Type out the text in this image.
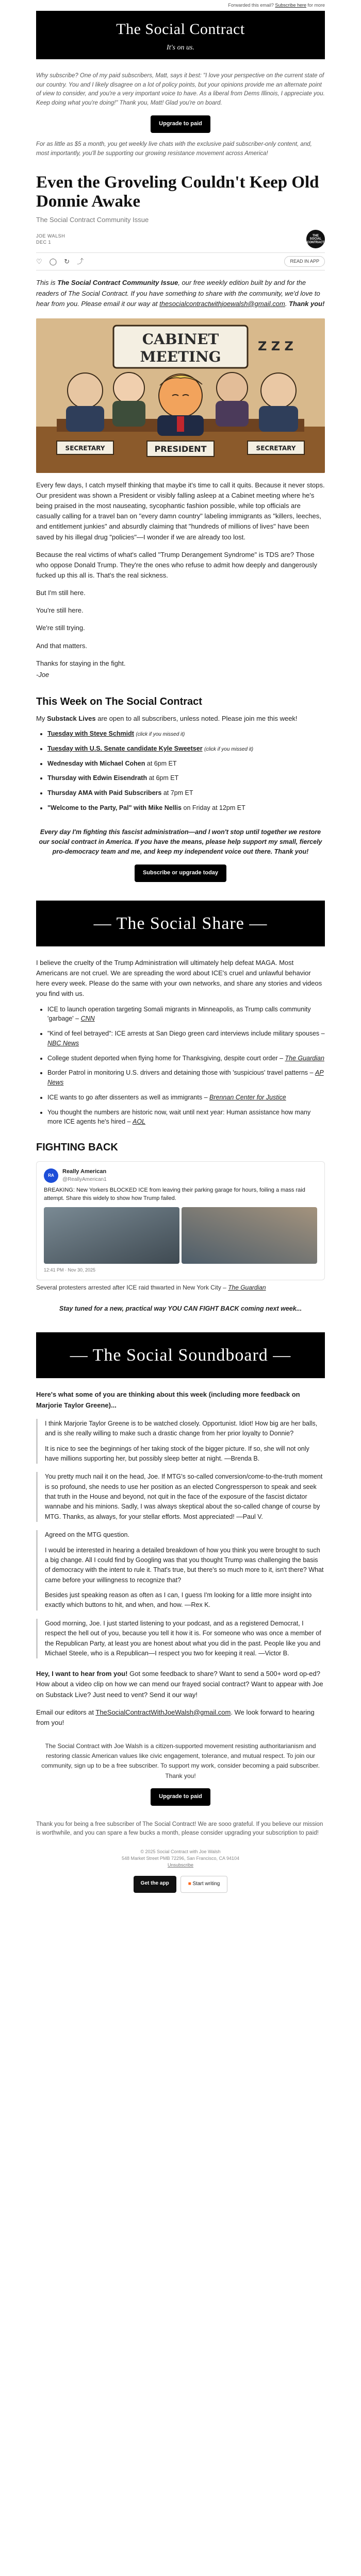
Forwarded this email? Subscribe here for more
The Social Contract
It's on us.

Why subscribe? One of my paid subscribers, Matt, says it best: "I love your perspective on the current state of our country. You and I likely disagree on a lot of policy points, but your opinions provide me an alternate point of view to consider, and you're a very important voice to have. As a liberal from Dems Illinois, I appreciate you. Keep doing what you're doing!" Thank you, Matt! Glad you're on board.

Upgrade to paid

For as little as $5 a month, you get weekly live chats with the exclusive paid subscriber-only content, and, most importantly, you'll be supporting our growing resistance movement across America!

Even the Groveling Couldn't Keep Old Donnie Awake
The Social Contract Community Issue
JOE WALSH
DEC 1
THE SOCIAL CONTRACT
♡ ◯ ↻ ⤴	READ IN APP

This is The Social Contract Community Issue, our free weekly edition built by and for the readers of The Social Contract. If you have something to share with the community, we'd love to hear from you. Please email it our way at thesocialcontractwithjoewalsh@gmail.com. Thank you!

CABINET
MEETING
Z Z Z
SECRETARY	PRESIDENT	SECRETARY

Every few days, I catch myself thinking that maybe it's time to call it quits. Because it never stops. Our president was shown a President or visibly falling asleep at a Cabinet meeting where he's being praised in the most nauseating, sycophantic fashion possible, while top officials are casually calling for a travel ban on "every damn country" labeling immigrants as "killers, leeches, and entitlement junkies" and absurdly claiming that "hundreds of millions of lives" have been saved by his illegal drug "policies"—I wonder if we are already too lost.

Because the real victims of what's called "Trump Derangement Syndrome" is TDS are? Those who oppose Donald Trump. They're the ones who refuse to admit how deeply and dangerously fucked up this all is. That's the real sickness.

But I'm still here.

You're still here.

We're still trying.

And that matters.

Thanks for staying in the fight.

-Joe

This Week on The Social Contract

My Substack Lives are open to all subscribers, unless noted. Please join me this week!

• Tuesday with Steve Schmidt (click if you missed it)
• Tuesday with U.S. Senate candidate Kyle Sweetser (click if you missed it)
• Wednesday with Michael Cohen at 6pm ET
• Thursday with Edwin Eisendrath at 6pm ET
• Thursday AMA with Paid Subscribers at 7pm ET
• "Welcome to the Party, Pal" with Mike Nellis on Friday at 12pm ET

Every day I'm fighting this fascist administration—and I won't stop until together we restore our social contract in America. If you have the means, please help support my small, fiercely pro-democracy team and me, and keep my independent voice out there. Thank you!

Subscribe or upgrade today
— The Social Share —

I believe the cruelty of the Trump Administration will ultimately help defeat MAGA. Most Americans are not cruel. We are spreading the word about ICE's cruel and unlawful behavior here every week. Please do the same with your own networks, and share any stories and videos you find with us.

• ICE to launch operation targeting Somali migrants in Minneapolis, as Trump calls community 'garbage' – CNN
• "Kind of feel betrayed": ICE arrests at San Diego green card interviews include military spouses – NBC News
• College student deported when flying home for Thanksgiving, despite court order – The Guardian
• Border Patrol in monitoring U.S. drivers and detaining those with 'suspicious' travel patterns – AP News
• ICE wants to go after dissenters as well as immigrants – Brennan Center for Justice
• You thought the numbers are historic now, wait until next year: Human assistance how many more ICE agents he's hired – AOL
FIGHTING BACK
RA
Really American
@ReallyAmerican1
BREAKING: New Yorkers BLOCKED ICE from leaving their parking garage for hours, foiling a mass raid attempt. Share this widely to show how Trump failed.
12:41 PM · Nov 30, 2025

Several protesters arrested after ICE raid thwarted in New York City – The Guardian

Stay tuned for a new, practical way YOU CAN FIGHT BACK coming next week...

— The Social Soundboard —

Here's what some of you are thinking about this week (including more feedback on Marjorie Taylor Greene)...

I think Marjorie Taylor Greene is to be watched closely. Opportunist. Idiot! How big are her balls, and is she really willing to make such a drastic change from her prior loyalty to Donnie?

It is nice to see the beginnings of her taking stock of the bigger picture. If so, she will not only have millions supporting her, but possibly sleep better at night. —Brenda B.

You pretty much nail it on the head, Joe. If MTG's so-called conversion/come-to-the-truth moment is so profound, she needs to use her position as an elected Congressperson to speak and seek that truth in the House and beyond, not quit in the face of the exposure of the fascist dictator wannabe and his minions. Sadly, I was always skeptical about the so-called change of course by MTG. Thanks, as always, for your stellar efforts. Most appreciated! —Paul V.

Agreed on the MTG question.

I would be interested in hearing a detailed breakdown of how you think you were brought to such a big change. All I could find by Googling was that you thought Trump was challenging the basis of democracy with the intent to rule it. That's true, but there's so much more to it, isn't there? What came before your willingness to recognize that?

Besides just speaking reason as often as I can, I guess I'm looking for a little more insight into exactly which buttons to hit, and when, and how. —Rex K.

Good morning, Joe. I just started listening to your podcast, and as a registered Democrat, I respect the hell out of you, because you tell it how it is. For someone who was once a member of the Republican Party, at least you are honest about what you did in the past. People like you and Michael Steele, who is a Republican—I respect you two for keeping it real. —Victor B.

Hey, I want to hear from you! Got some feedback to share? Want to send a 500+ word op-ed? How about a video clip on how we can mend our frayed social contract? Want to appear with Joe on Substack Live? Just need to vent? Send it our way!

Email our editors at TheSocialContractWithJoeWalsh@gmail.com. We look forward to hearing from you!

The Social Contract with Joe Walsh is a citizen-supported movement resisting authoritarianism and restoring classic American values like civic engagement, tolerance, and mutual respect. To join our community, sign up to be a free subscriber. To support my work, consider becoming a paid subscriber. Thank you!

Upgrade to paid

Thank you for being a free subscriber of The Social Contract! We are sooo grateful. If you believe our mission is worthwhile, and you can spare a few bucks a month, please consider upgrading your subscription to paid!

© 2025 Social Contract with Joe Walsh
548 Market Street PMB 72296, San Francisco, CA 94104
Unsubscribe
Get the app	■ Start writing
